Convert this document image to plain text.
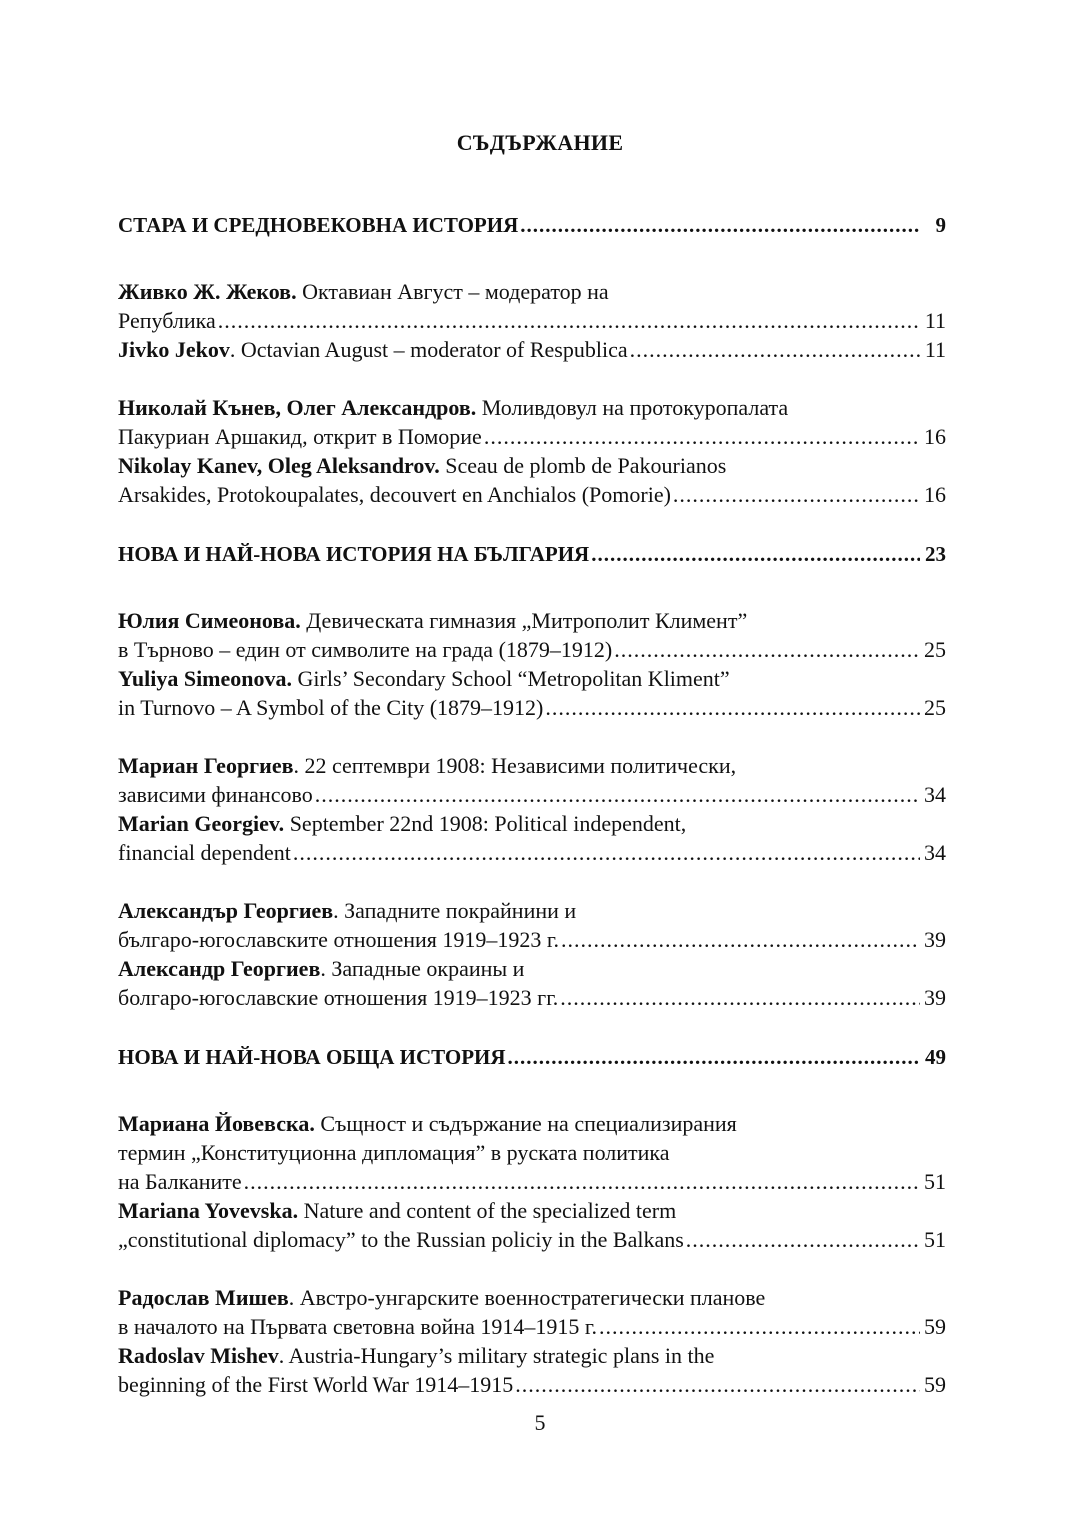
СЪДЪРЖАНИЕ
СТАРА И СРЕДНОВЕКОВНА ИСТОРИЯ .....	9
Живко Ж. Жеков. Октавиан Август – модератор на
Република .....	11
Jivko Jekov. Octavian August – moderator of Respublica .....	11
Николай Кънев, Олег Александров. Моливдовул на протокуропалата
Пакуриан Аршакид, открит в Поморие .....	16
Nikolay Kanev, Oleg Aleksandrov. Sceau de plomb de Pakourianos
Arsakides, Protokoupalates, decouvert en Anchialos (Pomorie) .....	16
НОВА И НАЙ-НОВА ИСТОРИЯ НА БЪЛГАРИЯ .....	23
Юлия Симеонова. Девическата гимназия „Митрополит Климент”
в Търново – един от символите на града (1879–1912) .....	25
Yuliya Simeonova. Girls’ Secondary School “Metropolitan Kliment”
in Turnovo – A Symbol of the City (1879–1912) .....	25
Мариан Георгиев. 22 септември 1908: Независими политически,
зависими финансово .....	34
Marian Georgiev. September 22nd 1908: Political independent,
financial dependent .....	34
Александър Георгиев. Западните покрайнини и
българо-югославските отношения 1919–1923 г. .....	39
Александр Георгиев. Западные окраины и
болгаро-югославские отношения 1919–1923 гг. .....	39
НОВА И НАЙ-НОВА ОБЩА ИСТОРИЯ .....	49
Мариана Йовевска. Същност и съдържание на специализирания
термин „Конституционна дипломация” в руската политика
на Балканите .....	51
Mariana Yovevska. Nature and content of the specialized term
„constitutional diplomacy” to the Russian policiy in the Balkans .....	51
Радослав Мишев. Австро-унгарските военностратегически планове
в началото на Първата световна война 1914–1915 г. .....	59
Radoslav Mishev. Austria-Hungary’s military strategic plans in the
beginning of the First World War 1914–1915 .....	59
5
